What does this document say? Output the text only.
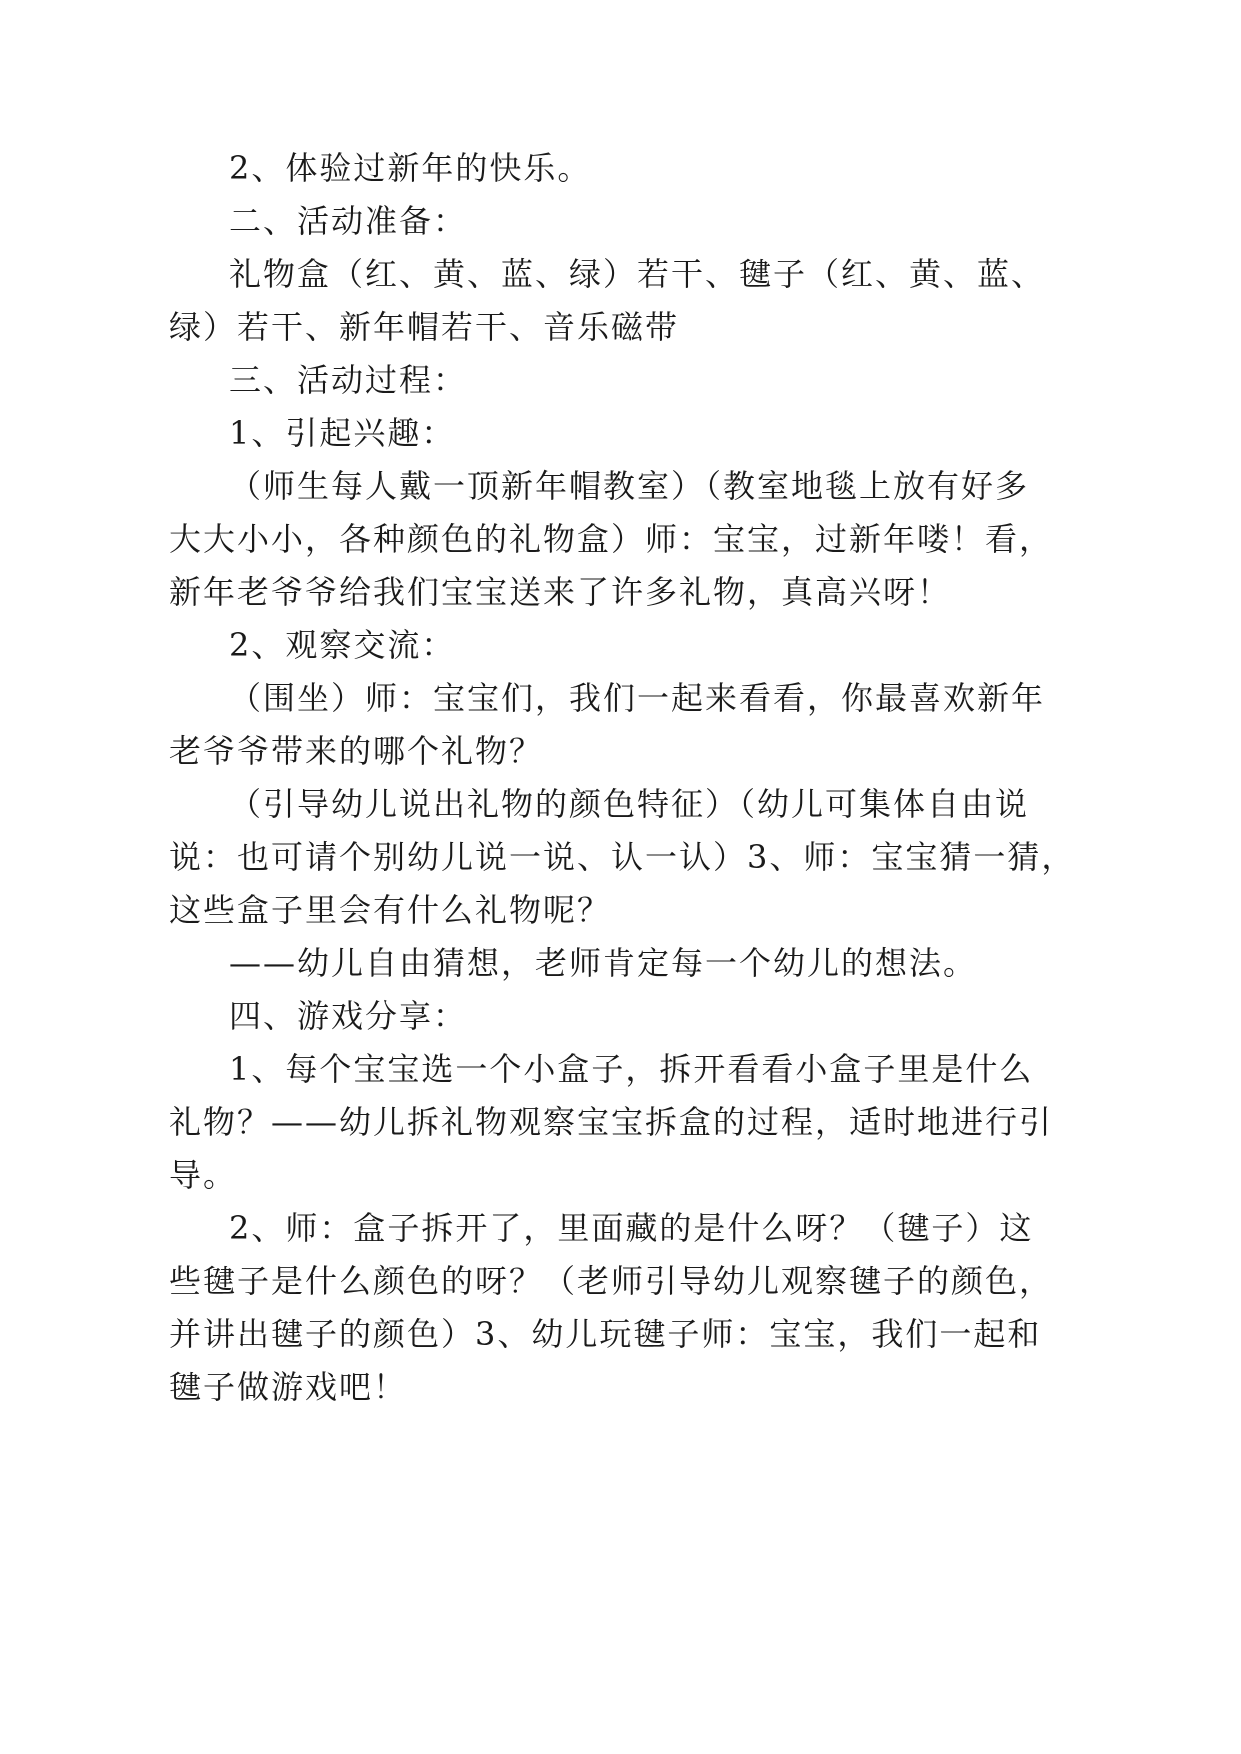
2、体验过新年的快乐。

二、活动准备：

礼物盒（红、黄、蓝、绿）若干、毽子（红、黄、蓝、

绿）若干、新年帽若干、音乐磁带

三、活动过程：

1、引起兴趣：

（师生每人戴一顶新年帽教室）（教室地毯上放有好多

大大小小，各种颜色的礼物盒）师：宝宝，过新年喽！看，

新年老爷爷给我们宝宝送来了许多礼物，真高兴呀！

2、观察交流：

（围坐）师：宝宝们，我们一起来看看，你最喜欢新年

老爷爷带来的哪个礼物？

（引导幼儿说出礼物的颜色特征）（幼儿可集体自由说

说：也可请个别幼儿说一说、认一认）3、师：宝宝猜一猜，

这些盒子里会有什么礼物呢？

——幼儿自由猜想，老师肯定每一个幼儿的想法。

四、游戏分享：

1、每个宝宝选一个小盒子，拆开看看小盒子里是什么

礼物？——幼儿拆礼物观察宝宝拆盒的过程，适时地进行引

导。

2、师：盒子拆开了，里面藏的是什么呀？（毽子）这

些毽子是什么颜色的呀？（老师引导幼儿观察毽子的颜色，

并讲出毽子的颜色）3、幼儿玩毽子师：宝宝，我们一起和

毽子做游戏吧！
